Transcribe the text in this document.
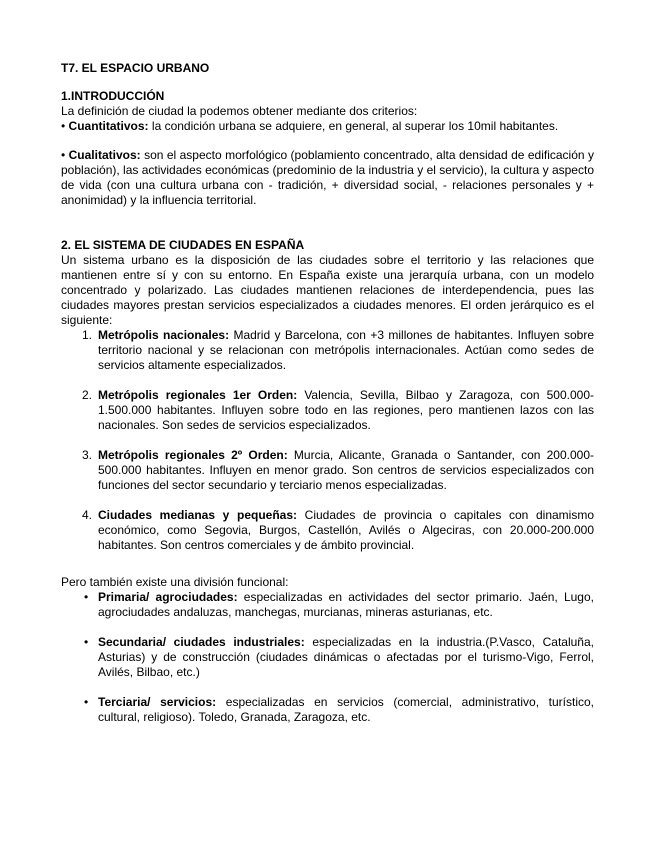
T7. EL ESPACIO URBANO
1.INTRODUCCIÓN

La definición de ciudad la podemos obtener mediante dos criterios:

• Cuantitativos: la condición urbana se adquiere, en general, al superar los 10mil habitantes.

• Cualitativos: son el aspecto morfológico (poblamiento concentrado, alta densidad de edificación y población), las actividades económicas (predominio de la industria y el servicio), la cultura y aspecto de vida (con una cultura urbana con - tradición, + diversidad social, - relaciones personales y + anonimidad) y la influencia territorial.

2. EL SISTEMA DE CIUDADES EN ESPAÑA

Un sistema urbano es la disposición de las ciudades sobre el territorio y las relaciones que mantienen entre sí y con su entorno. En España existe una jerarquía urbana, con un modelo concentrado y polarizado. Las ciudades mantienen relaciones de interdependencia, pues las ciudades mayores prestan servicios especializados a ciudades menores. El orden jerárquico es el siguiente:

1. Metrópolis nacionales: Madrid y Barcelona, con +3 millones de habitantes. Influyen sobre territorio nacional y se relacionan con metrópolis internacionales. Actúan como sedes de servicios altamente especializados.
2. Metrópolis regionales 1er Orden: Valencia, Sevilla, Bilbao y Zaragoza, con 500.000-1.500.000 habitantes. Influyen sobre todo en las regiones, pero mantienen lazos con las nacionales. Son sedes de servicios especializados.
3. Metrópolis regionales 2º Orden: Murcia, Alicante, Granada o Santander, con 200.000-500.000 habitantes. Influyen en menor grado. Son centros de servicios especializados con funciones del sector secundario y terciario menos especializadas.
4. Ciudades medianas y pequeñas: Ciudades de provincia o capitales con dinamismo económico, como Segovia, Burgos, Castellón, Avilés o Algeciras, con 20.000-200.000 habitantes. Son centros comerciales y de ámbito provincial.

Pero también existe una división funcional:

• Primaria/ agrociudades: especializadas en actividades del sector primario. Jaén, Lugo, agrociudades andaluzas, manchegas, murcianas, mineras asturianas, etc.
• Secundaria/ ciudades industriales: especializadas en la industria.(P.Vasco, Cataluña, Asturias) y de construcción (ciudades dinámicas o afectadas por el turismo-Vigo, Ferrol, Avilés, Bilbao, etc.)
• Terciaria/ servicios: especializadas en servicios (comercial, administrativo, turístico, cultural, religioso). Toledo, Granada, Zaragoza, etc.
